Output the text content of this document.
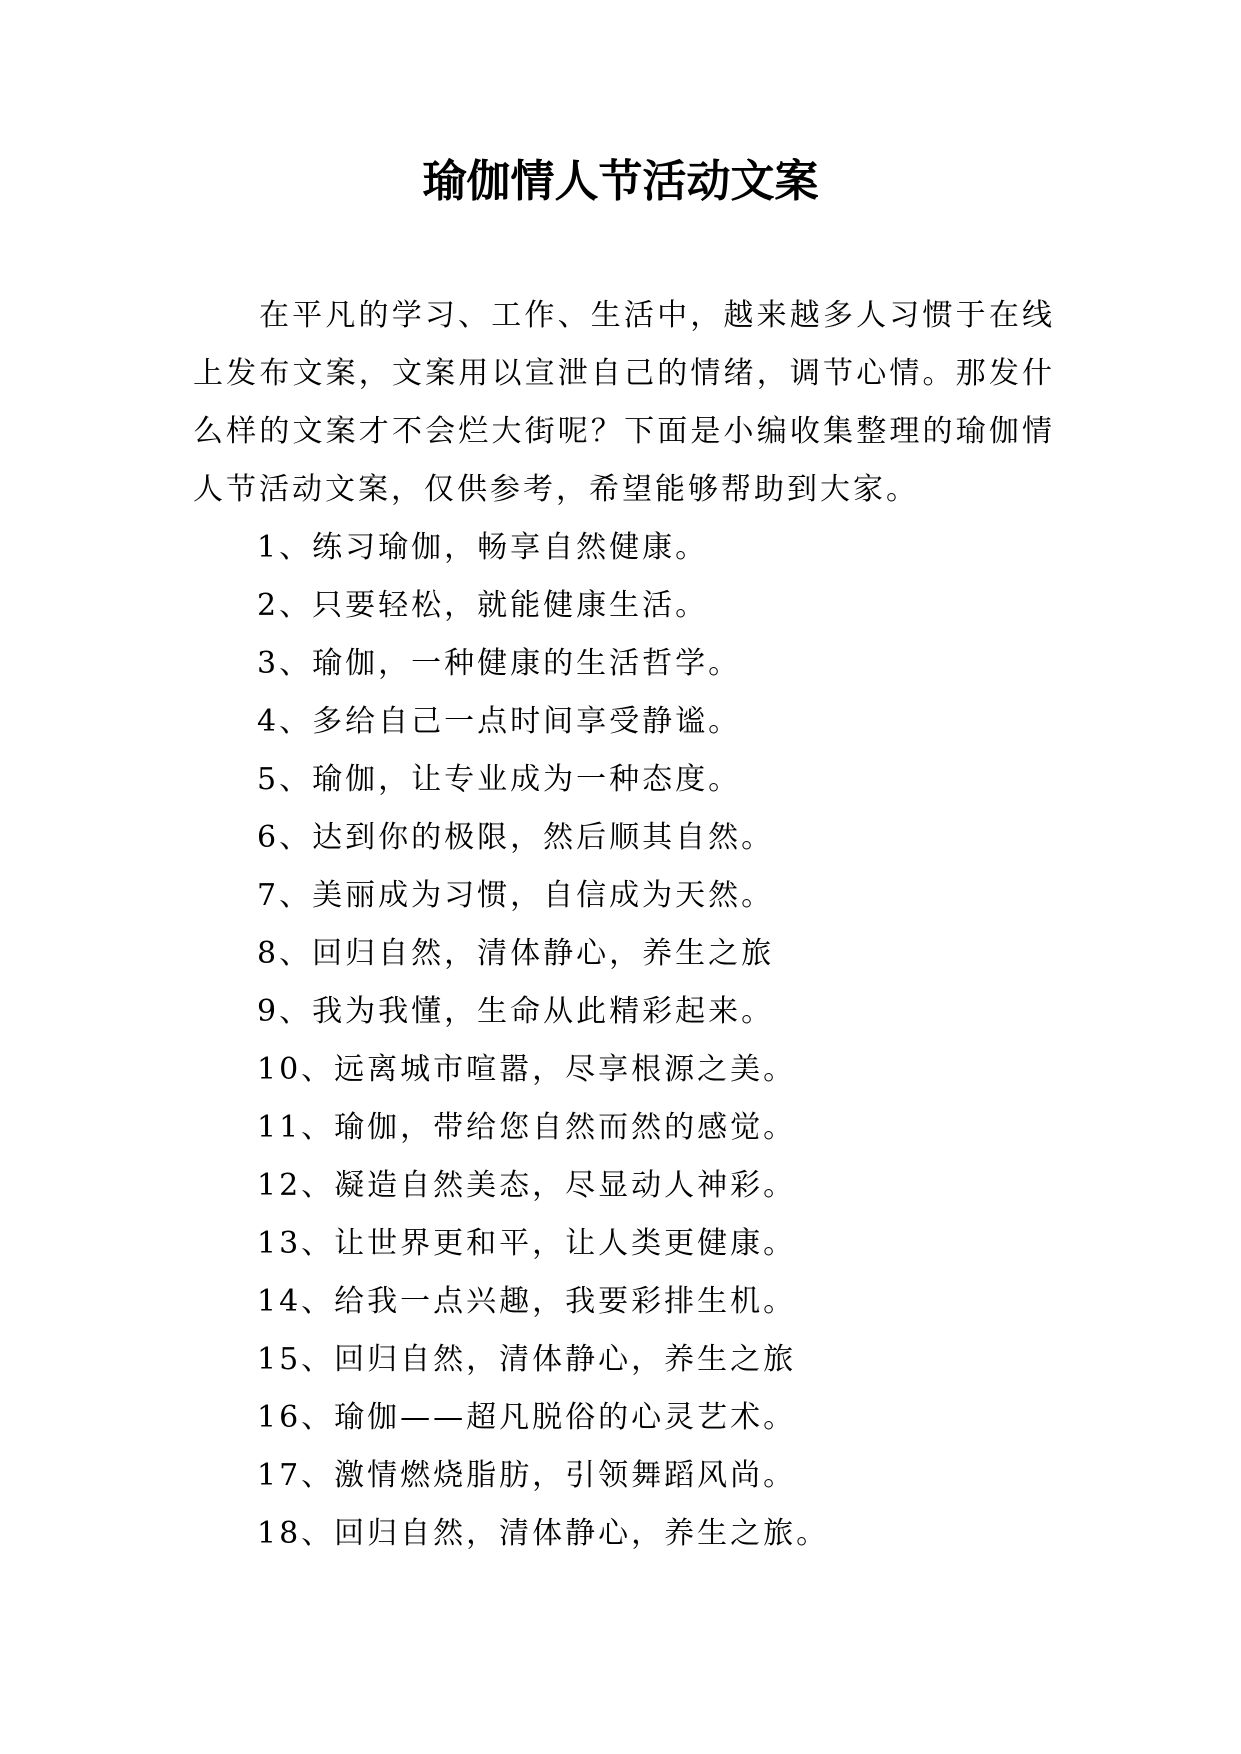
瑜伽情人节活动文案

在平凡的学习、工作、生活中，越来越多人习惯于在线上发布文案，文案用以宣泄自己的情绪，调节心情。那发什么样的文案才不会烂大街呢？下面是小编收集整理的瑜伽情人节活动文案，仅供参考，希望能够帮助到大家。

1、练习瑜伽，畅享自然健康。
2、只要轻松，就能健康生活。
3、瑜伽，一种健康的生活哲学。
4、多给自己一点时间享受静谧。
5、瑜伽，让专业成为一种态度。
6、达到你的极限，然后顺其自然。
7、美丽成为习惯，自信成为天然。
8、回归自然，清体静心，养生之旅
9、我为我懂，生命从此精彩起来。
10、远离城市喧嚣，尽享根源之美。
11、瑜伽，带给您自然而然的感觉。
12、凝造自然美态，尽显动人神彩。
13、让世界更和平，让人类更健康。
14、给我一点兴趣，我要彩排生机。
15、回归自然，清体静心，养生之旅
16、瑜伽——超凡脱俗的心灵艺术。
17、激情燃烧脂肪，引领舞蹈风尚。
18、回归自然，清体静心，养生之旅。
